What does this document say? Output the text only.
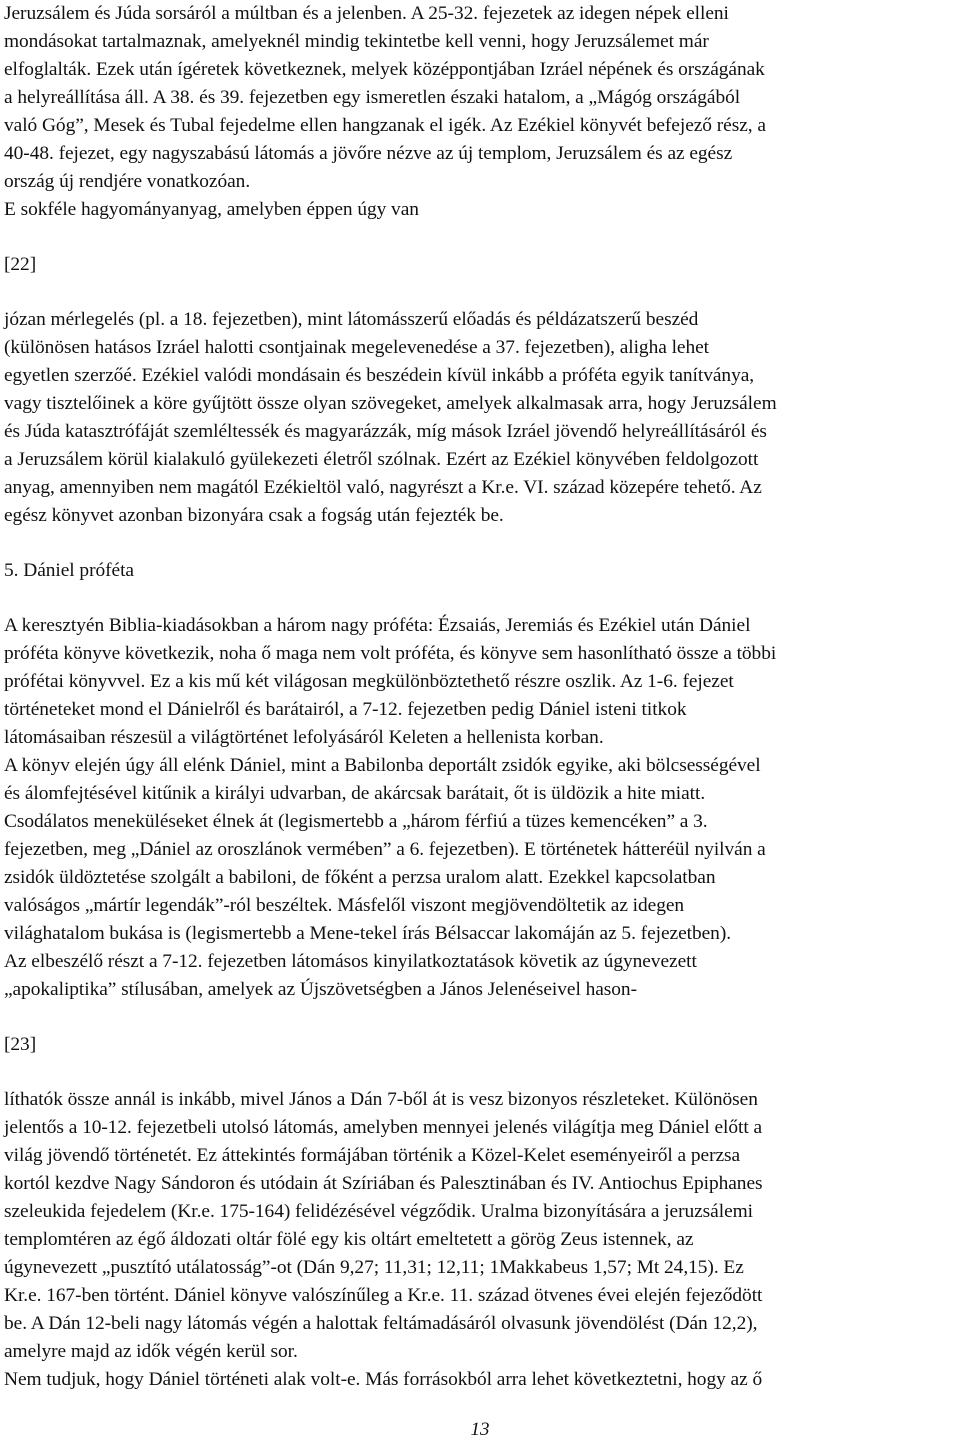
Jeruzsálem és Júda sorsáról a múltban és a jelenben. A 25-32. fejezetek az idegen népek elleni
mondásokat tartalmaznak, amelyeknél mindig tekintetbe kell venni, hogy Jeruzsálemet már
elfoglalták. Ezek után ígéretek következnek, melyek középpontjában Izráel népének és országának
a helyreállítása áll. A 38. és 39. fejezetben egy ismeretlen északi hatalom, a „Mágóg országából
való Góg”, Mesek és Tubal fejedelme ellen hangzanak el igék. Az Ezékiel könyvét befejező rész, a
40-48. fejezet, egy nagyszabású látomás a jövőre nézve az új templom, Jeruzsálem és az egész
ország új rendjére vonatkozóan.
E sokféle hagyományanyag, amelyben éppen úgy van
[22]
józan mérlegelés (pl. a 18. fejezetben), mint látomásszerű előadás és példázatszerű beszéd
(különösen hatásos Izráel halotti csontjainak megelevenedése a 37. fejezetben), aligha lehet
egyetlen szerzőé. Ezékiel valódi mondásain és beszédein kívül inkább a próféta egyik tanítványa,
vagy tisztelőinek a köre gyűjtött össze olyan szövegeket, amelyek alkalmasak arra, hogy Jeruzsálem
és Júda katasztrófáját szemléltessék és magyarázzák, míg mások Izráel jövendő helyreállításáról és
a Jeruzsálem körül kialakuló gyülekezeti életről szólnak. Ezért az Ezékiel könyvében feldolgozott
anyag, amennyiben nem magától Ezékieltöl való, nagyrészt a Kr.e. VI. század közepére tehető. Az
egész könyvet azonban bizonyára csak a fogság után fejezték be.
5. Dániel próféta
A keresztyén Biblia-kiadásokban a három nagy próféta: Ézsaiás, Jeremiás és Ezékiel után Dániel
próféta könyve következik, noha ő maga nem volt próféta, és könyve sem hasonlítható össze a többi
prófétai könyvvel. Ez a kis mű két világosan megkülönböztethető részre oszlik. Az 1-6. fejezet
történeteket mond el Dánielről és barátairól, a 7-12. fejezetben pedig Dániel isteni titkok
látomásaiban részesül a világtörténet lefolyásáról Keleten a hellenista korban.
A könyv elején úgy áll elénk Dániel, mint a Babilonba deportált zsidók egyike, aki bölcsességével
és álomfejtésével kitűnik a királyi udvarban, de akárcsak barátait, őt is üldözik a hite miatt.
Csodálatos meneküléseket élnek át (legismertebb a „három férfiú a tüzes kemencéken” a 3.
fejezetben, meg „Dániel az oroszlánok vermében” a 6. fejezetben). E történetek hátteréül nyilván a
zsidók üldöztetése szolgált a babiloni, de főként a perzsa uralom alatt. Ezekkel kapcsolatban
valóságos „mártír legendák”-ról beszéltek. Másfelől viszont megjövendöltetik az idegen
világhatalom bukása is (legismertebb a Mene-tekel írás Bélsaccar lakomáján az 5. fejezetben).
Az elbeszélő részt a 7-12. fejezetben látomásos kinyilatkoztatások követik az úgynevezett
„apokaliptika” stílusában, amelyek az Újszövetségben a János Jelenéseivel hason-
[23]
líthatók össze annál is inkább, mivel János a Dán 7-ből át is vesz bizonyos részleteket. Különösen
jelentős a 10-12. fejezetbeli utolsó látomás, amelyben mennyei jelenés világítja meg Dániel előtt a
világ jövendő történetét. Ez áttekintés formájában történik a Közel-Kelet eseményeiről a perzsa
kortól kezdve Nagy Sándoron és utódain át Szíriában és Palesztinában és IV. Antiochus Epiphanes
szeleukida fejedelem (Kr.e. 175-164) felidézésével végződik. Uralma bizonyítására a jeruzsálemi
templomtéren az égő áldozati oltár fölé egy kis oltárt emeltetett a görög Zeus istennek, az
úgynevezett „pusztító utálatosság”-ot (Dán 9,27; 11,31; 12,11; 1Makkabeus 1,57; Mt 24,15). Ez
Kr.e. 167-ben történt. Dániel könyve valószínűleg a Kr.e. 11. század ötvenes évei elején fejeződött
be. A Dán 12-beli nagy látomás végén a halottak feltámadásáról olvasunk jövendölést (Dán 12,2),
amelyre majd az idők végén kerül sor.
Nem tudjuk, hogy Dániel történeti alak volt-e. Más forrásokból arra lehet következtetni, hogy az ő
13
